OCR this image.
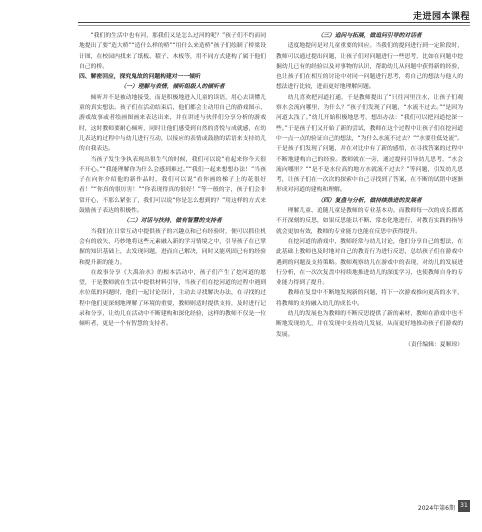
走进园本课程

“我们的生活中也有河，那我们又是怎么过河的呢？”孩子们不约而同地提出了要“造大桥”“造什么样的桥”“用什么来造桥”孩子们绘制了桥梁设计图，在校园内找来了纸板、積子、木板等，用不同方式建构了属于他们自己的桥。

四、解密回应，探究鬼故的问题构建对一一倾听

（一）理解与表情，倾听组级人的倾听者

倾听并不是被动地接受，而是积极地进入儿童的读语，用心去读懂儿童的真实想法。孩子们在活动结束后，他们都会主动用自己的游戏图示、游戏故事或者绘画图画来表达出来，并在讲述与伙伴们分享分析的游戏时，这时教师要耐心倾听，同时让他们感受到自然的喜悦与成就感，在幼儿表达的过程中与幼儿进行互动，以接应的表情或鼓励的话语来支持幼儿的自我表达。

当孩子发生争执表现出很生气的时候，我们可以说“看起来你今天很不开心。”“我能理解你为什么会感到难过。”“我们一起来想想办法！”当孩子在向你介绍他的新作品时，我们可以说“看你画的梯子上的花很好看！”“你真的很厉害！”“你表现得真的很好！”等一般的字，孩子们会非常开心，不那么紧张了，我们可以说“你是怎么想到的？”用这样的方式来鼓励孩子表达的积极性。

（二）对话与扶持，做有智慧的支持者

当我们在日常互动中提供孩子的兴趣点和已有经验时，便可以抓住机会有的放矢，巧妙地将这些元素融入新的学习情境之中，引导孩子在已掌握的知识基础上，去发现问题，进而自己解决，同时又能巩固已有的经验和提升新的能力。

在故事分享《大禹治水》的根本活动中，孩子们产生了挖河道的愿望，于是教师就在生活中提供材料引导，当孩子们在挖河道的过程中遇到水位低的问题时，他们一起讨论设计，主动去寻找解决办法，在寻找的过程中他们更深刻地理解了环境的重要，教师则适时提供支持，及时进行记录和分享，让幼儿在活动中不断建构和深化经验，这样的教师不仅是一位倾听者，更是一个有智慧的支持者。

（三）追问与拓展，做追问引导的对话者

适度地提问是对儿童重要的回应。当我们的提问进行到一定阶段时，教师可以通过提出问题，让孩子们对问题进行一些思考，比如在问题中挖掘幼儿已有的经验以及对事物的认识，帮助幼儿从问题中获得新的经验，也让孩子们在相互的讨论中对同一问题进行思考，将自己的想法与他人的想法进行比较，进而更好地理解问题。

幼儿喜欢把河道打通，于是教师提出了“只往河里注水，让孩子们观察水会流向哪里，为什么？”孩子们发现了问题，“水流不过去。”“是因为河道太浅了。”幼儿开始积极地思考，想出办法：“我们可以把河道挖深一些。”于是孩子们又开始了新的尝试，教师在这个过程中让孩子们在挖河道中一点一点的验证自己的想法，“为什么水流不过去？”“水要往低处流”。于是孩子们发现了问题，并在对比中有了新的感悟，在寻找答案的过程中不断地建构自己的经验。教师就在一旁，通过提问引导幼儿思考，“水会流向哪里？”“是不是水位高的地方水就流不过去？”等问题，引发幼儿思考，让孩子们在一次次的探索中自己寻找到了答案，在不断的试错中逐渐形成对河道的建构和理解。

（四）复盘与分析，做持续推进的发展者

理解儿童、追随儿童是教师的专业基本功。而教师每一次的成长都离不开深刻的反思，如果反思能以不断、常态化地进行，对教育实践的指导就会更加有效，教师的专业能力也能在反思中获得提升。

在挖河道的游戏中，教师经常与幼儿讨论，他们分享自己的想法，在此基础上教师也及时地对自己的教育行为进行反思，总结孩子们在游戏中遇到的问题及支持策略。教师观察幼儿在游戏中的表现，对幼儿的发展进行分析，在一次次复盘中持续地推进幼儿的深度学习，也使教师自身的专业能力得到了提升。

教师在复盘中不断地发现新的问题，将下一次游戏推向更高的水平，将教师的支持融入幼儿的成长中。

幼儿的发展也为教师的不断反思提供了新的素材，教师在游戏中也不断地发现幼儿，并在发现中支持幼儿发展，从而更好地推动孩子们游戏的发展。

（责任编辑：夏顺琼）

2024年第6期 31
